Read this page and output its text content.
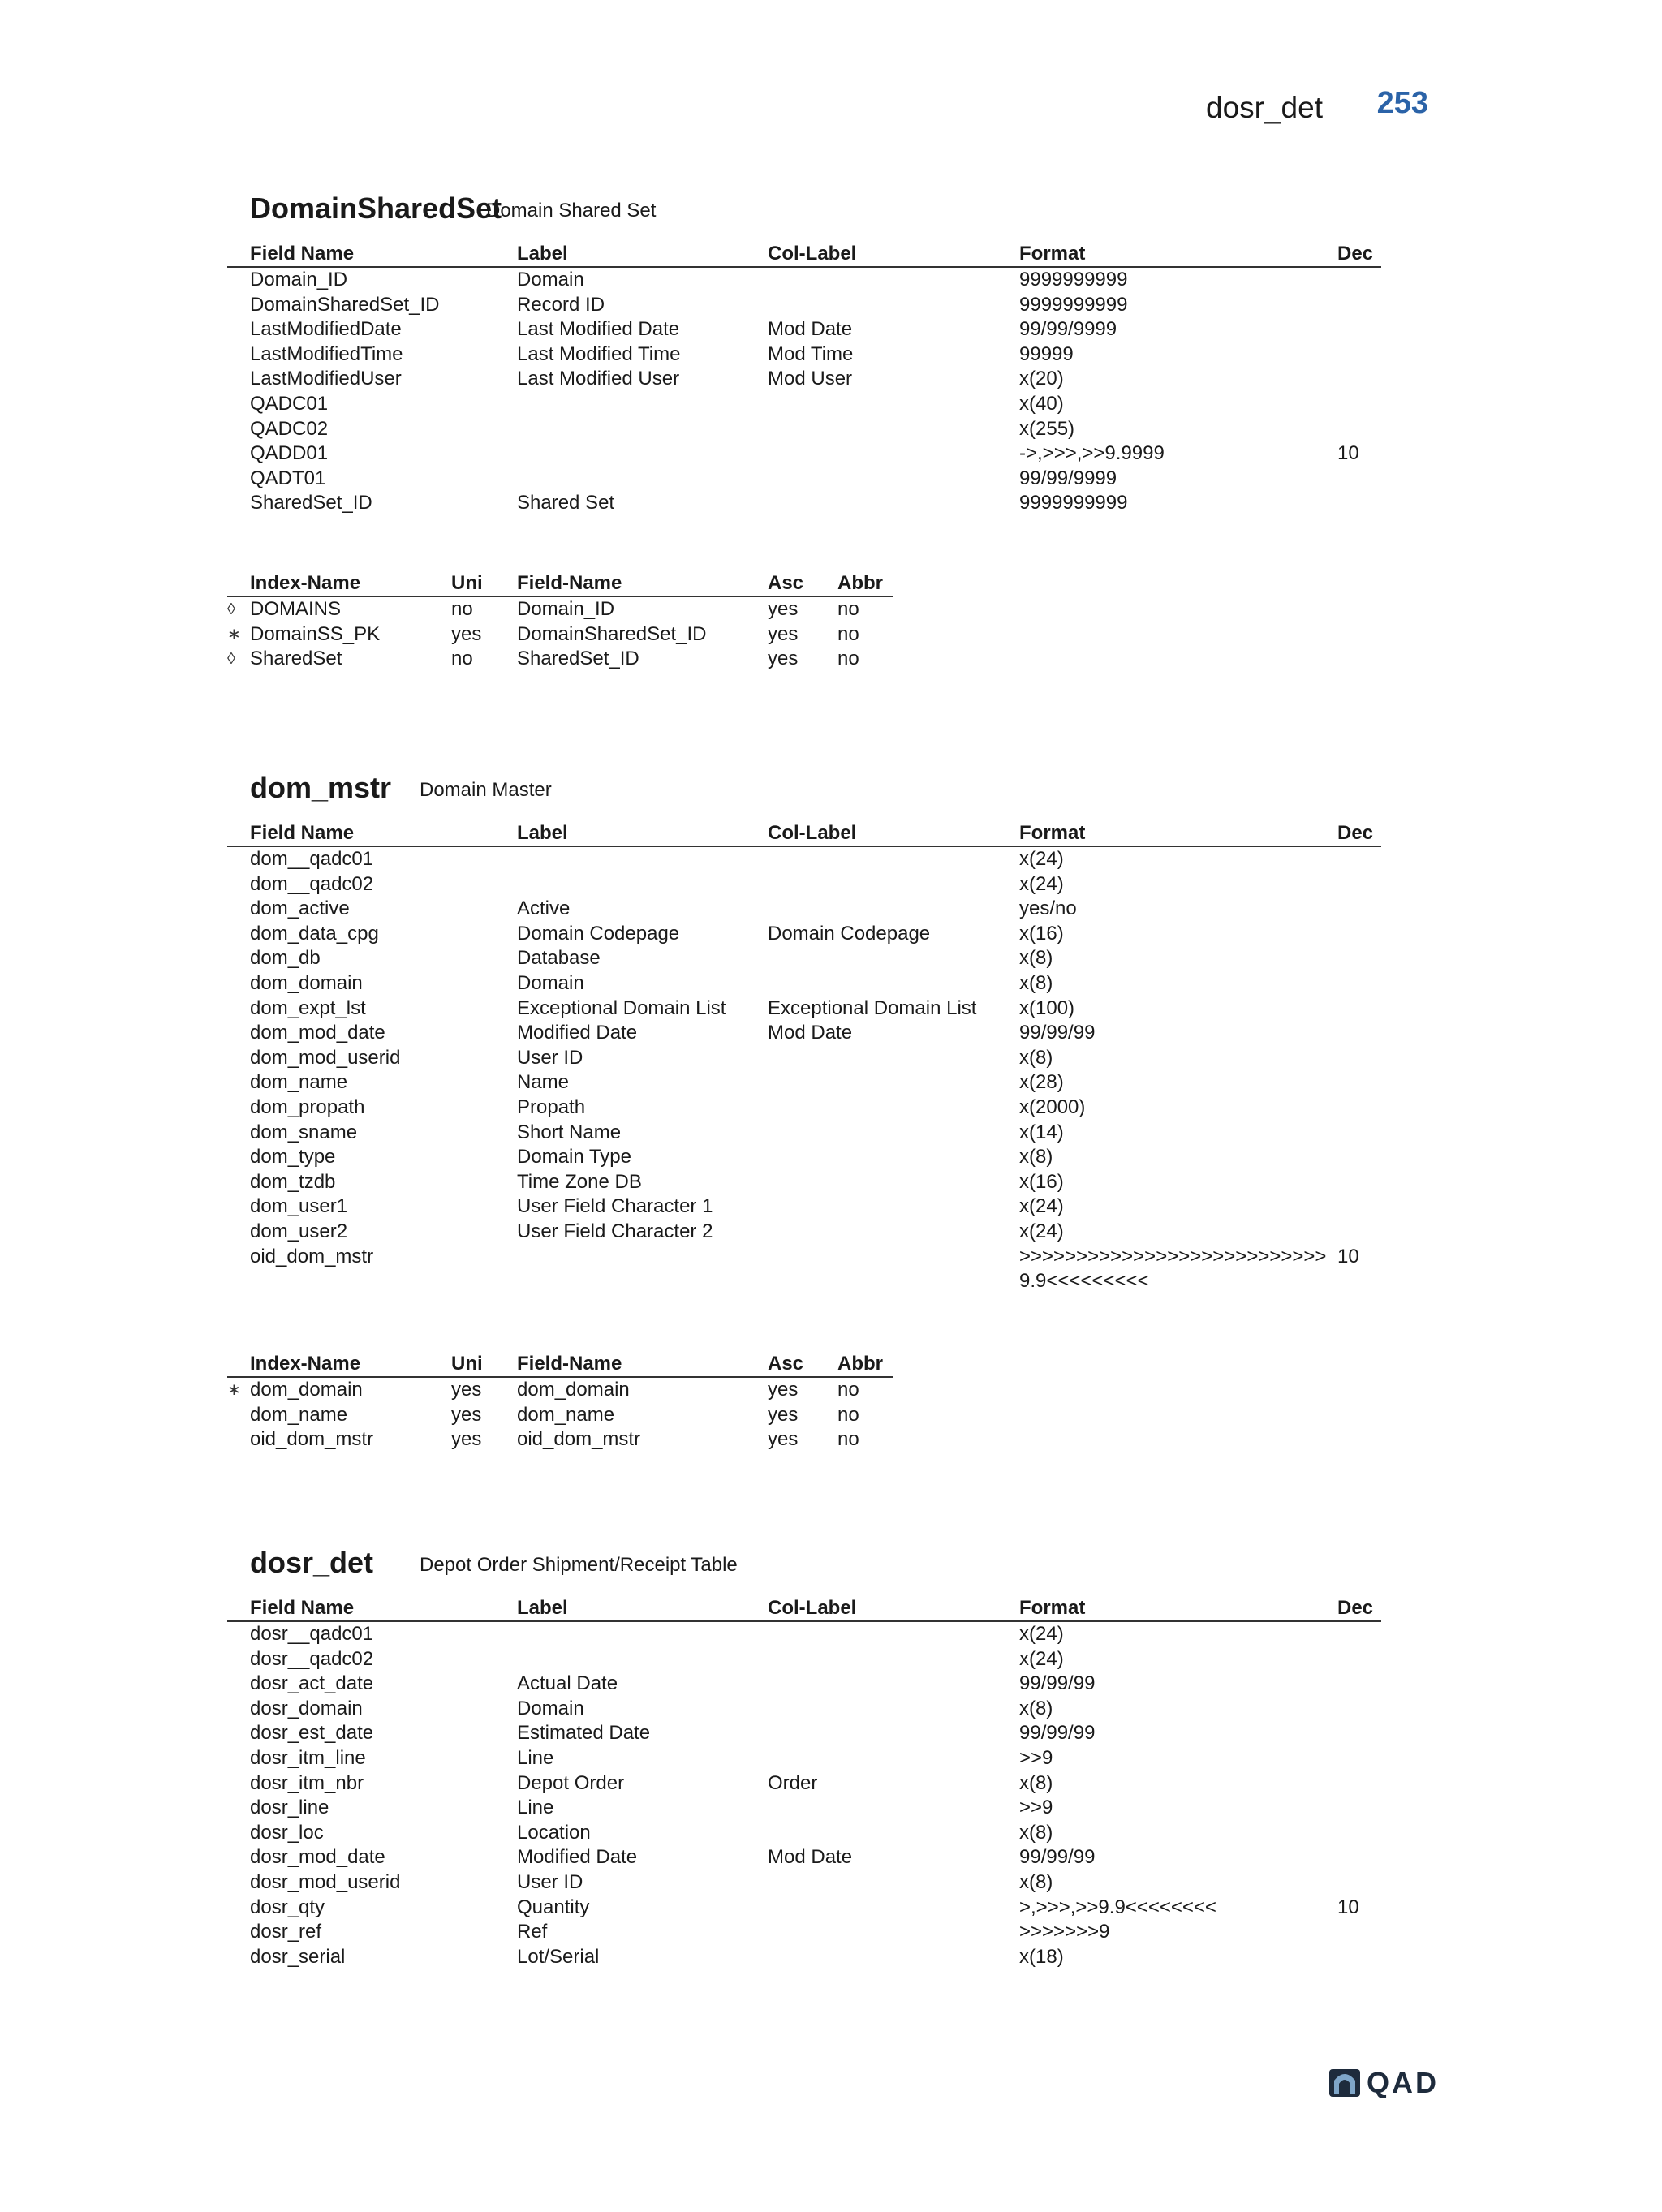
dosr_det 253
DomainSharedSet
Domain Shared Set
	Field Name	Label	Col-Label	Format	Dec
	Domain_ID	Domain		9999999999	
	DomainSharedSet_ID	Record ID		9999999999	
	LastModifiedDate	Last Modified Date	Mod Date	99/99/9999	
	LastModifiedTime	Last Modified Time	Mod Time	99999	
	LastModifiedUser	Last Modified User	Mod User	x(20)	
	QADC01			x(40)	
	QADC02			x(255)	
	QADD01			->,>>>,>>9.9999	10
	QADT01			99/99/9999	
	SharedSet_ID	Shared Set		9999999999	
	Index-Name	Uni	Field-Name	Asc	Abbr
◊	DOMAINS	no	Domain_ID	yes	no
∗	DomainSS_PK	yes	DomainSharedSet_ID	yes	no
◊	SharedSet	no	SharedSet_ID	yes	no
dom_mstr Domain Master
	Field Name	Label	Col-Label	Format	Dec
	dom__qadc01			x(24)	
	dom__qadc02			x(24)	
	dom_active	Active		yes/no	
	dom_data_cpg	Domain Codepage	Domain Codepage	x(16)	
	dom_db	Database		x(8)	
	dom_domain	Domain		x(8)	
	dom_expt_lst	Exceptional Domain List	Exceptional Domain List	x(100)	
	dom_mod_date	Modified Date	Mod Date	99/99/99	
	dom_mod_userid	User ID		x(8)	
	dom_name	Name		x(28)	
	dom_propath	Propath		x(2000)	
	dom_sname	Short Name		x(14)	
	dom_type	Domain Type		x(8)	
	dom_tzdb	Time Zone DB		x(16)	
	dom_user1	User Field Character 1		x(24)	
	dom_user2	User Field Character 2		x(24)	
	oid_dom_mstr			>>>>>>>>>>>>>>>>>>>>>>>>>>>9.9<<<<<<<<<	10
	Index-Name	Uni	Field-Name	Asc	Abbr
∗	dom_domain	yes	dom_domain	yes	no
	dom_name	yes	dom_name	yes	no
	oid_dom_mstr	yes	oid_dom_mstr	yes	no
dosr_det Depot Order Shipment/Receipt Table
	Field Name	Label	Col-Label	Format	Dec
	dosr__qadc01			x(24)	
	dosr__qadc02			x(24)	
	dosr_act_date	Actual Date		99/99/99	
	dosr_domain	Domain		x(8)	
	dosr_est_date	Estimated Date		99/99/99	
	dosr_itm_line	Line		>>9	
	dosr_itm_nbr	Depot Order	Order	x(8)	
	dosr_line	Line		>>9	
	dosr_loc	Location		x(8)	
	dosr_mod_date	Modified Date	Mod Date	99/99/99	
	dosr_mod_userid	User ID		x(8)	
	dosr_qty	Quantity		>,>>>,>>9.9<<<<<<<<	10
	dosr_ref	Ref		>>>>>>>9	
	dosr_serial	Lot/Serial		x(18)	
QAD
